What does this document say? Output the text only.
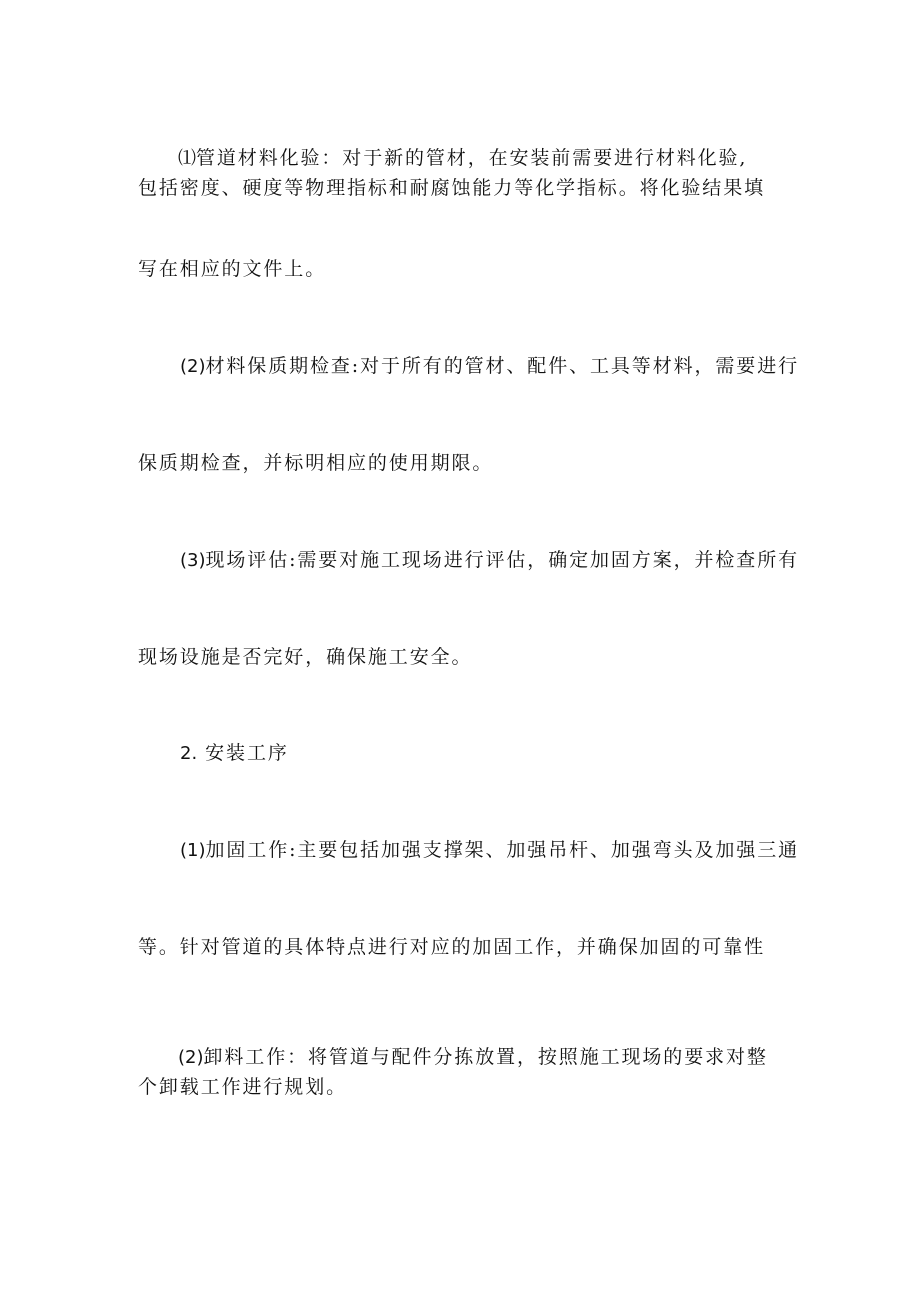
⑴管道材料化验：对于新的管材，在安装前需要进行材料化验,

包括密度、硬度等物理指标和耐腐蚀能力等化学指标。将化验结果填

写在相应的文件上。

(2)材料保质期检查:对于所有的管材、配件、工具等材料，需要进行

保质期检查，并标明相应的使用期限。

(3)现场评估:需要对施工现场进行评估，确定加固方案，并检查所有

现场设施是否完好，确保施工安全。

2. 安装工序

(1)加固工作:主要包括加强支撑架、加强吊杆、加强弯头及加强三通

等。针对管道的具体特点进行对应的加固工作，并确保加固的可靠性

(2)卸料工作：将管道与配件分拣放置，按照施工现场的要求对整

个卸载工作进行规划。
